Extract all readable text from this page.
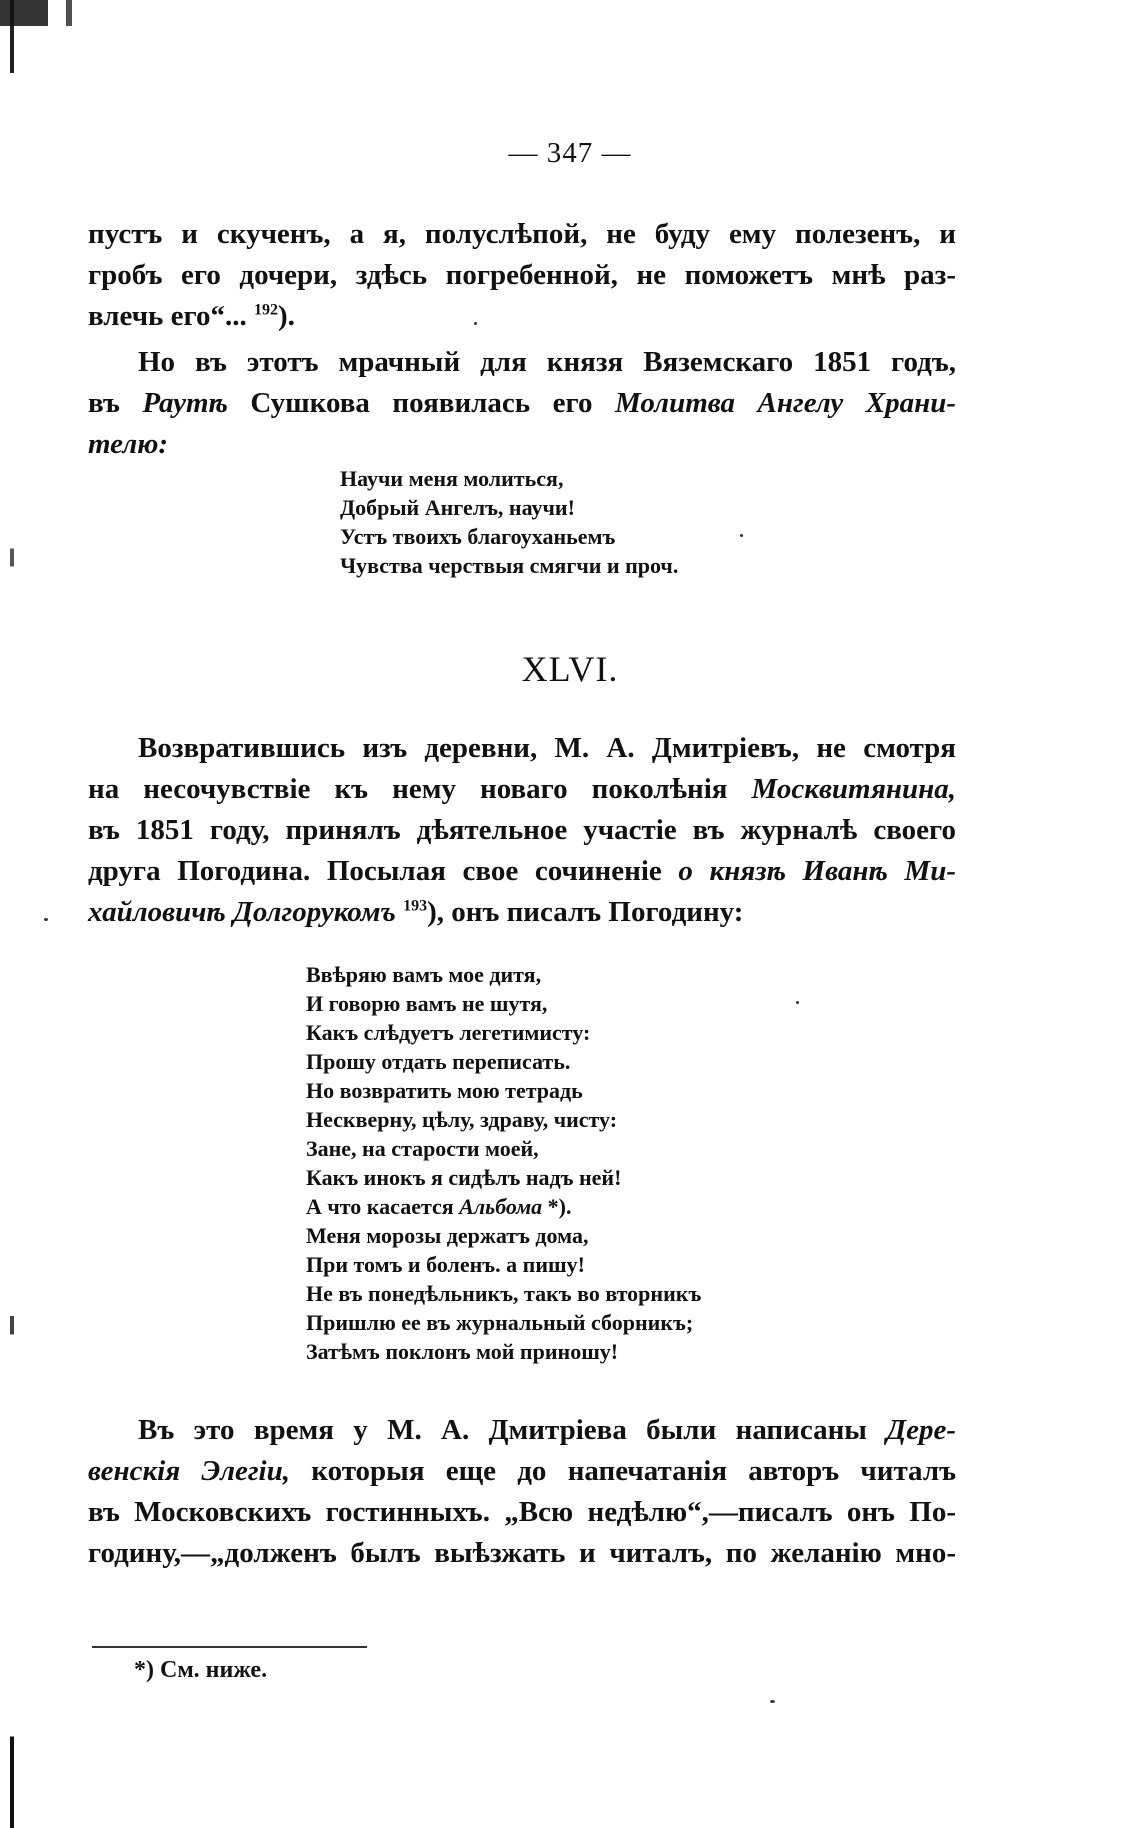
— 347 —
пустъ и скученъ, а я, полуслѣпой, не буду ему полезенъ, и
гробъ его дочери, здѣсь погребенной, не поможетъ мнѣ раз-
влечь его“... $^{192}$).
Но въ этотъ мрачный для князя Вяземскаго 1851 годъ,
въ Раутѣ Сушкова появилась его Молитва Ангелу Храни-
телю:
Научи меня молиться,
Добрый Ангелъ, научи!
Устъ твоихъ благоуханьемъ
Чувства черствыя смягчи и проч.
XLVI.
Возвратившись изъ деревни, М. А. Дмитріевъ, не смотря
на несочувствіе къ нему новаго поколѣнія Москвитянина,
въ 1851 году, принялъ дѣятельное участіе въ журналѣ своего
друга Погодина. Посылая свое сочиненіе о князѣ Иванѣ Ми-
хайловичѣ Долгорукомъ $^{193}$), онъ писалъ Погодину:
Ввѣряю вамъ мое дитя,
И говорю вамъ не шутя,
Какъ слѣдуетъ легетимисту:
Прошу отдать переписать.
Но возвратить мою тетрадь
Нескверну, цѣлу, здраву, чисту:
Зане, на старости моей,
Какъ инокъ я сидѣлъ надъ ней!
А что касается Альбома *).
Меня морозы держатъ дома,
При томъ и боленъ. а пишу!
Не въ понедѣльникъ, такъ во вторникъ
Пришлю ее въ журнальный сборникъ;
Затѣмъ поклонъ мой приношу!
Въ это время у М. А. Дмитріева были написаны Дере-
венскія Элегіи, которыя еще до напечатанія авторъ читалъ
въ Московскихъ гостинныхъ. „Всю недѣлю“,—писалъ онъ По-
годину,—„долженъ былъ выѣзжать и читалъ, по желанію мно-
*) См. ниже.
